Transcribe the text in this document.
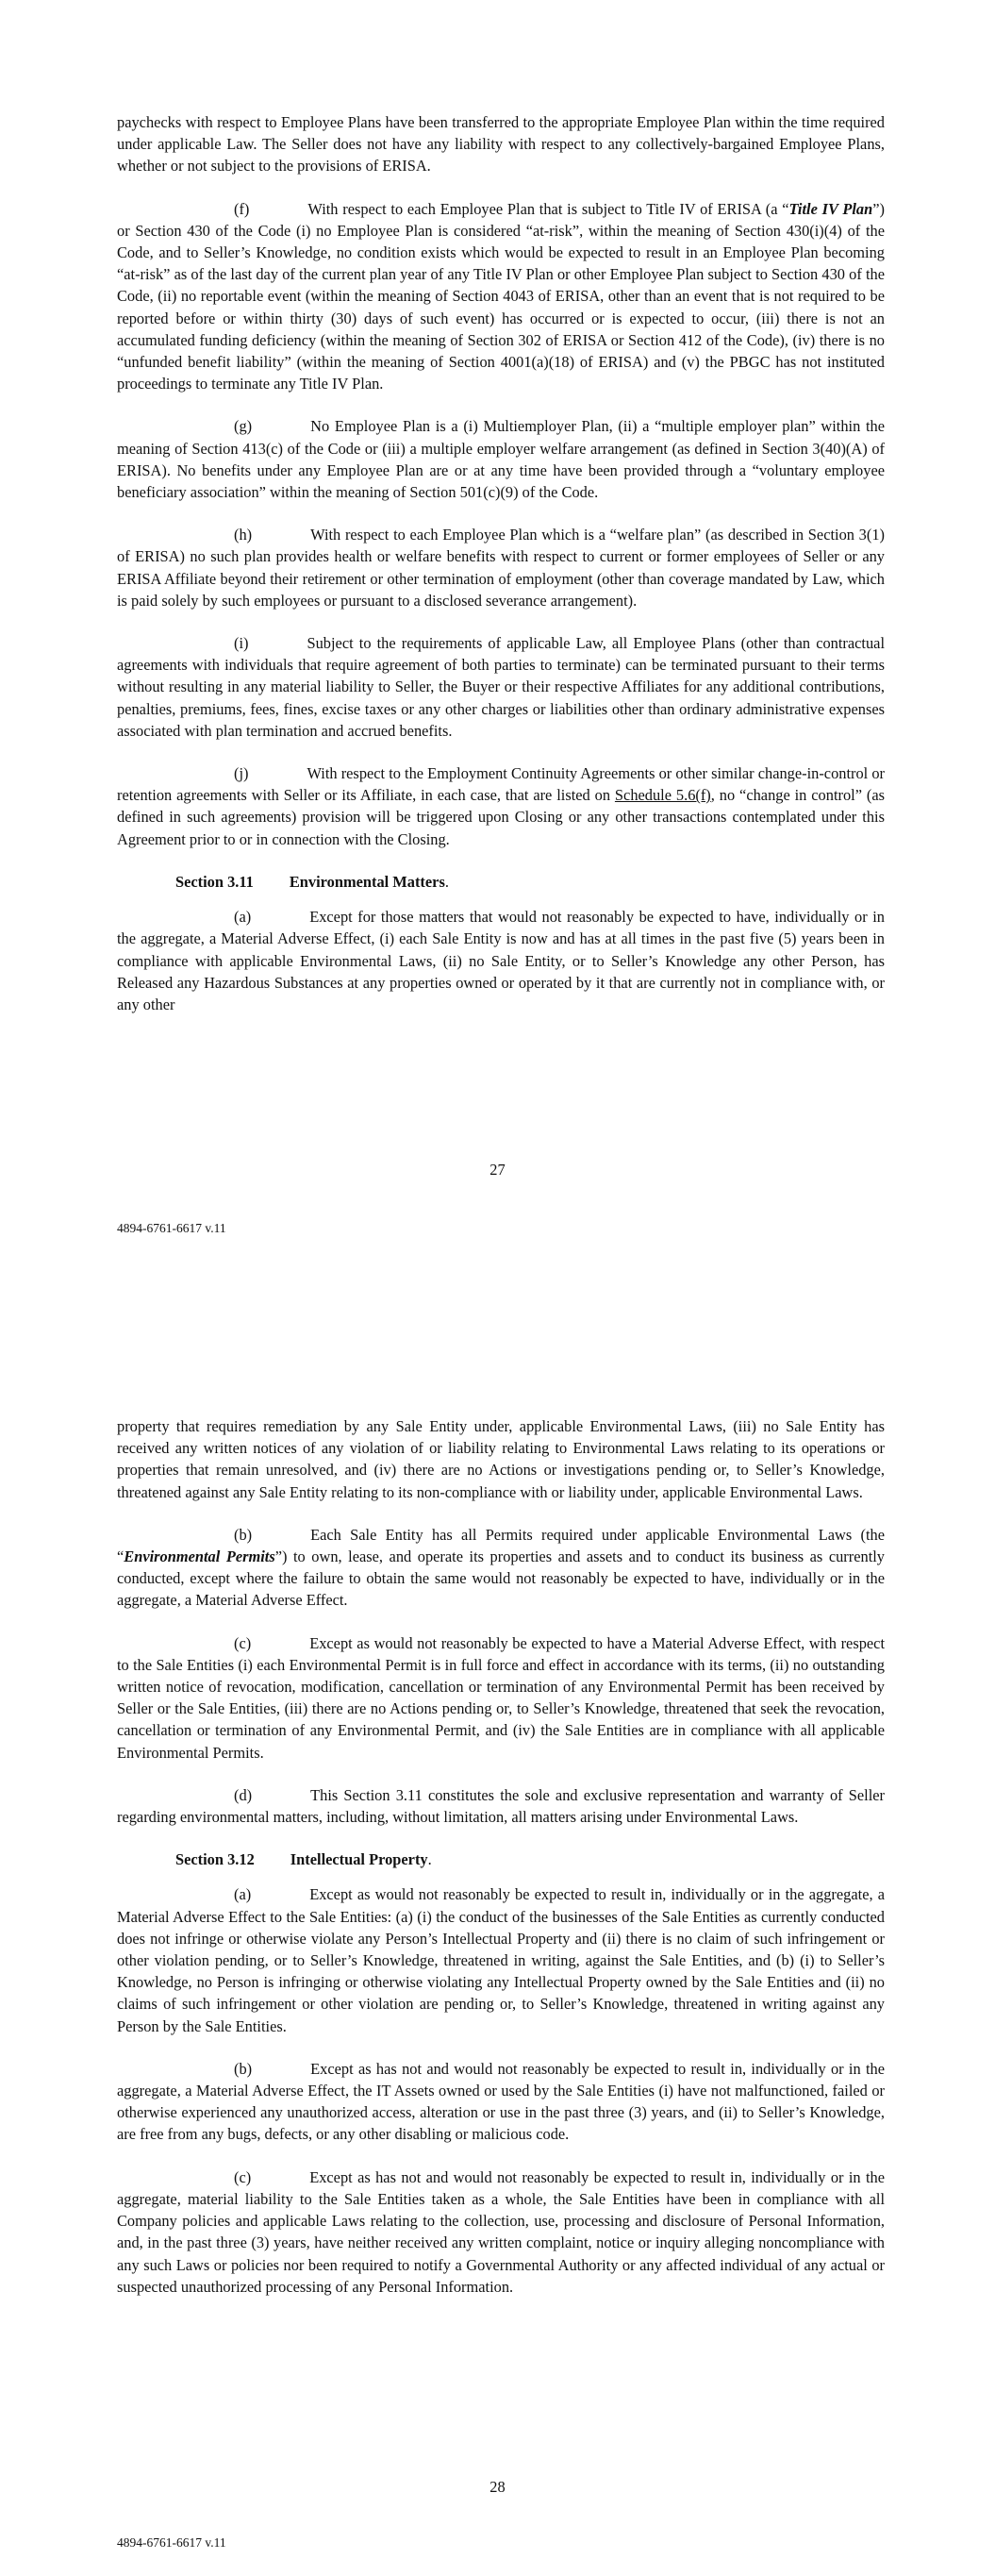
paychecks with respect to Employee Plans have been transferred to the appropriate Employee Plan within the time required under applicable Law. The Seller does not have any liability with respect to any collectively-bargained Employee Plans, whether or not subject to the provisions of ERISA.

(f)	With respect to each Employee Plan that is subject to Title IV of ERISA (a “Title IV Plan”) or Section 430 of the Code (i) no Employee Plan is considered “at-risk”, within the meaning of Section 430(i)(4) of the Code, and to Seller’s Knowledge, no condition exists which would be expected to result in an Employee Plan becoming “at-risk” as of the last day of the current plan year of any Title IV Plan or other Employee Plan subject to Section 430 of the Code, (ii) no reportable event (within the meaning of Section 4043 of ERISA, other than an event that is not required to be reported before or within thirty (30) days of such event) has occurred or is expected to occur, (iii) there is not an accumulated funding deficiency (within the meaning of Section 302 of ERISA or Section 412 of the Code), (iv) there is no “unfunded benefit liability” (within the meaning of Section 4001(a)(18) of ERISA) and (v) the PBGC has not instituted proceedings to terminate any Title IV Plan.

(g)	No Employee Plan is a (i) Multiemployer Plan, (ii) a “multiple employer plan” within the meaning of Section 413(c) of the Code or (iii) a multiple employer welfare arrangement (as defined in Section 3(40)(A) of ERISA). No benefits under any Employee Plan are or at any time have been provided through a “voluntary employee beneficiary association” within the meaning of Section 501(c)(9) of the Code.

(h)	With respect to each Employee Plan which is a “welfare plan” (as described in Section 3(1) of ERISA) no such plan provides health or welfare benefits with respect to current or former employees of Seller or any ERISA Affiliate beyond their retirement or other termination of employment (other than coverage mandated by Law, which is paid solely by such employees or pursuant to a disclosed severance arrangement).

(i)	Subject to the requirements of applicable Law, all Employee Plans (other than contractual agreements with individuals that require agreement of both parties to terminate) can be terminated pursuant to their terms without resulting in any material liability to Seller, the Buyer or their respective Affiliates for any additional contributions, penalties, premiums, fees, fines, excise taxes or any other charges or liabilities other than ordinary administrative expenses associated with plan termination and accrued benefits.

(j)	With respect to the Employment Continuity Agreements or other similar change-in-control or retention agreements with Seller or its Affiliate, in each case, that are listed on Schedule 5.6(f), no “change in control” (as defined in such agreements) provision will be triggered upon Closing or any other transactions contemplated under this Agreement prior to or in connection with the Closing.

Section 3.11 Environmental Matters.

(a)	Except for those matters that would not reasonably be expected to have, individually or in the aggregate, a Material Adverse Effect, (i) each Sale Entity is now and has at all times in the past five (5) years been in compliance with applicable Environmental Laws, (ii) no Sale Entity, or to Seller’s Knowledge any other Person, has Released any Hazardous Substances at any properties owned or operated by it that are currently not in compliance with, or any other

27
4894-6761-6617 v.11

property that requires remediation by any Sale Entity under, applicable Environmental Laws, (iii) no Sale Entity has received any written notices of any violation of or liability relating to Environmental Laws relating to its operations or properties that remain unresolved, and (iv) there are no Actions or investigations pending or, to Seller’s Knowledge, threatened against any Sale Entity relating to its non-compliance with or liability under, applicable Environmental Laws.

(b)	Each Sale Entity has all Permits required under applicable Environmental Laws (the “Environmental Permits”) to own, lease, and operate its properties and assets and to conduct its business as currently conducted, except where the failure to obtain the same would not reasonably be expected to have, individually or in the aggregate, a Material Adverse Effect.

(c)	Except as would not reasonably be expected to have a Material Adverse Effect, with respect to the Sale Entities (i) each Environmental Permit is in full force and effect in accordance with its terms, (ii) no outstanding written notice of revocation, modification, cancellation or termination of any Environmental Permit has been received by Seller or the Sale Entities, (iii) there are no Actions pending or, to Seller’s Knowledge, threatened that seek the revocation, cancellation or termination of any Environmental Permit, and (iv) the Sale Entities are in compliance with all applicable Environmental Permits.

(d)	This Section 3.11 constitutes the sole and exclusive representation and warranty of Seller regarding environmental matters, including, without limitation, all matters arising under Environmental Laws.

Section 3.12 Intellectual Property.

(a)	Except as would not reasonably be expected to result in, individually or in the aggregate, a Material Adverse Effect to the Sale Entities: (a) (i) the conduct of the businesses of the Sale Entities as currently conducted does not infringe or otherwise violate any Person’s Intellectual Property and (ii) there is no claim of such infringement or other violation pending, or to Seller’s Knowledge, threatened in writing, against the Sale Entities, and (b) (i) to Seller’s Knowledge, no Person is infringing or otherwise violating any Intellectual Property owned by the Sale Entities and (ii) no claims of such infringement or other violation are pending or, to Seller’s Knowledge, threatened in writing against any Person by the Sale Entities.

(b)	Except as has not and would not reasonably be expected to result in, individually or in the aggregate, a Material Adverse Effect, the IT Assets owned or used by the Sale Entities (i) have not malfunctioned, failed or otherwise experienced any unauthorized access, alteration or use in the past three (3) years, and (ii) to Seller’s Knowledge, are free from any bugs, defects, or any other disabling or malicious code.

(c)	Except as has not and would not reasonably be expected to result in, individually or in the aggregate, material liability to the Sale Entities taken as a whole, the Sale Entities have been in compliance with all Company policies and applicable Laws relating to the collection, use, processing and disclosure of Personal Information, and, in the past three (3) years, have neither received any written complaint, notice or inquiry alleging noncompliance with any such Laws or policies nor been required to notify a Governmental Authority or any affected individual of any actual or suspected unauthorized processing of any Personal Information.

28
4894-6761-6617 v.11
